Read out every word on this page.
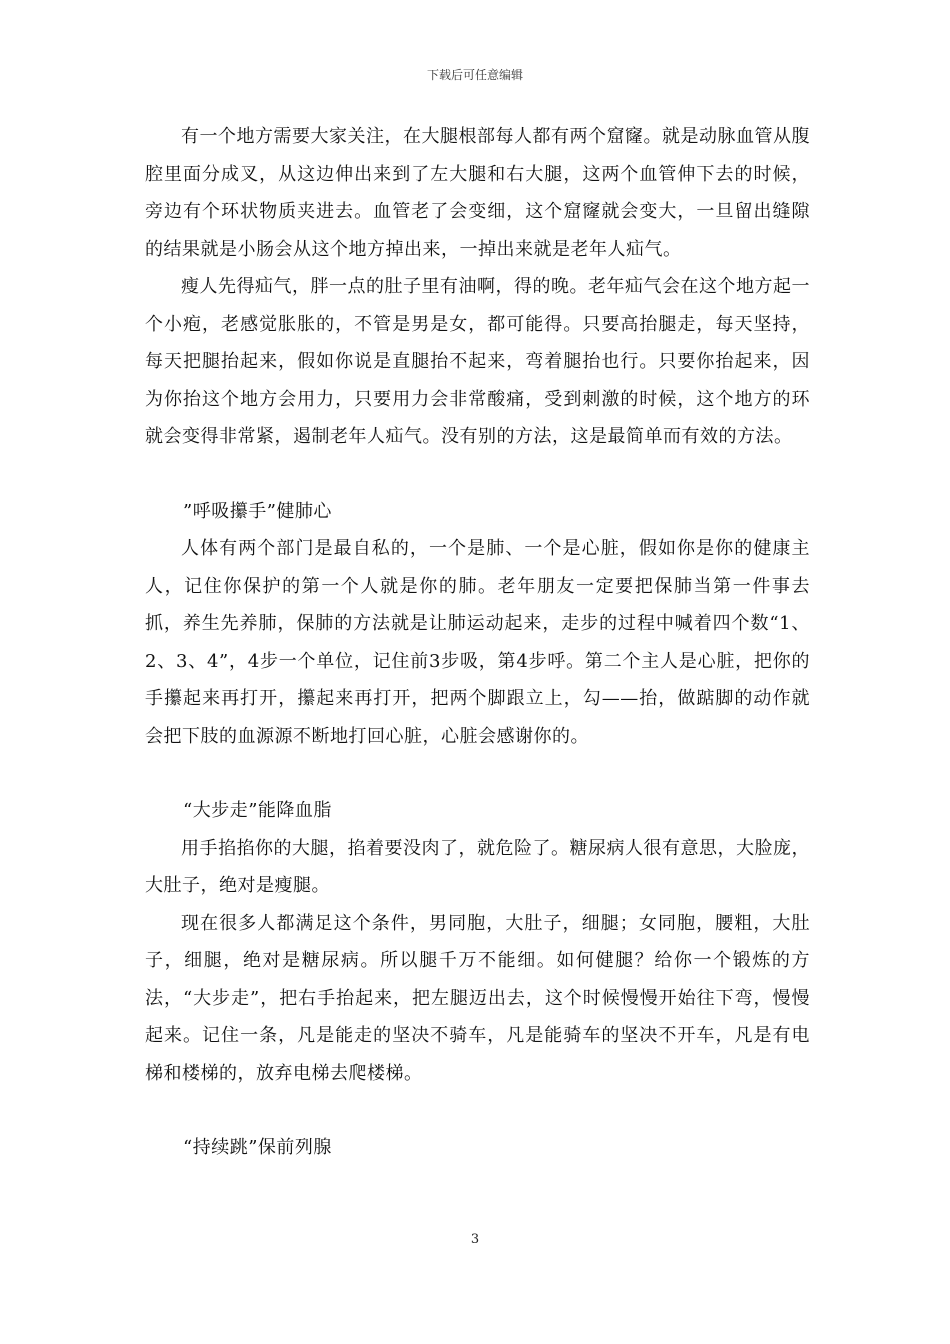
下载后可任意编辑

有一个地方需要大家关注，在大腿根部每人都有两个窟窿。就是动脉血管从腹腔里面分成叉，从这边伸出来到了左大腿和右大腿，这两个血管伸下去的时候，旁边有个环状物质夹进去。血管老了会变细，这个窟窿就会变大，一旦留出缝隙的结果就是小肠会从这个地方掉出来，一掉出来就是老年人疝气。

瘦人先得疝气，胖一点的肚子里有油啊，得的晚。老年疝气会在这个地方起一个小疱，老感觉胀胀的，不管是男是女，都可能得。只要高抬腿走，每天坚持，每天把腿抬起来，假如你说是直腿抬不起来，弯着腿抬也行。只要你抬起来，因为你抬这个地方会用力，只要用力会非常酸痛，受到刺激的时候，这个地方的环就会变得非常紧，遏制老年人疝气。没有别的方法，这是最简单而有效的方法。

”呼吸攥手”健肺心

人体有两个部门是最自私的，一个是肺、一个是心脏，假如你是你的健康主人，记住你保护的第一个人就是你的肺。老年朋友一定要把保肺当第一件事去抓，养生先养肺，保肺的方法就是让肺运动起来，走步的过程中喊着四个数“1、2、3、4”，4步一个单位，记住前3步吸，第4步呼。第二个主人是心脏，把你的手攥起来再打开，攥起来再打开，把两个脚跟立上，勾——抬，做踮脚的动作就会把下肢的血源源不断地打回心脏，心脏会感谢你的。

“大步走”能降血脂

用手掐掐你的大腿，掐着要没肉了，就危险了。糖尿病人很有意思，大脸庞，大肚子，绝对是瘦腿。

现在很多人都满足这个条件，男同胞，大肚子，细腿；女同胞，腰粗，大肚子，细腿，绝对是糖尿病。所以腿千万不能细。如何健腿？给你一个锻炼的方法，“大步走”，把右手抬起来，把左腿迈出去，这个时候慢慢开始往下弯，慢慢起来。记住一条，凡是能走的坚决不骑车，凡是能骑车的坚决不开车，凡是有电梯和楼梯的，放弃电梯去爬楼梯。

“持续跳”保前列腺

3
